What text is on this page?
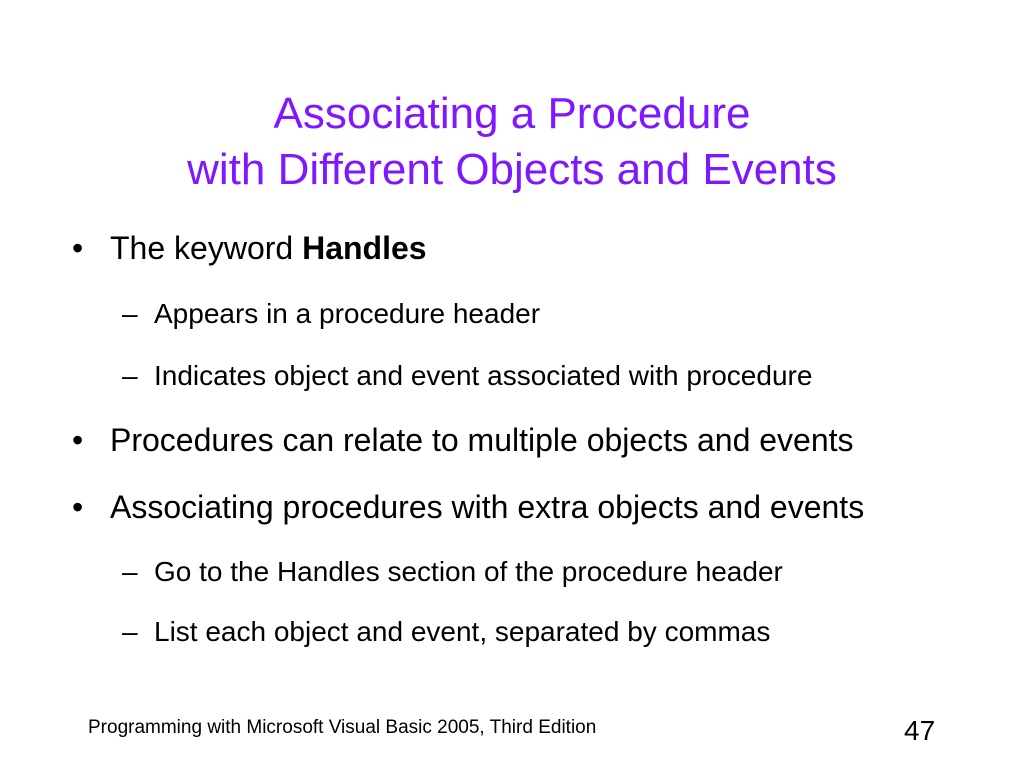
Associating a Procedure
with Different Objects and Events
• The keyword Handles
– Appears in a procedure header
– Indicates object and event associated with procedure
• Procedures can relate to multiple objects and events
• Associating procedures with extra objects and events
– Go to the Handles section of the procedure header
– List each object and event, separated by commas
Programming with Microsoft Visual Basic 2005, Third Edition	47
